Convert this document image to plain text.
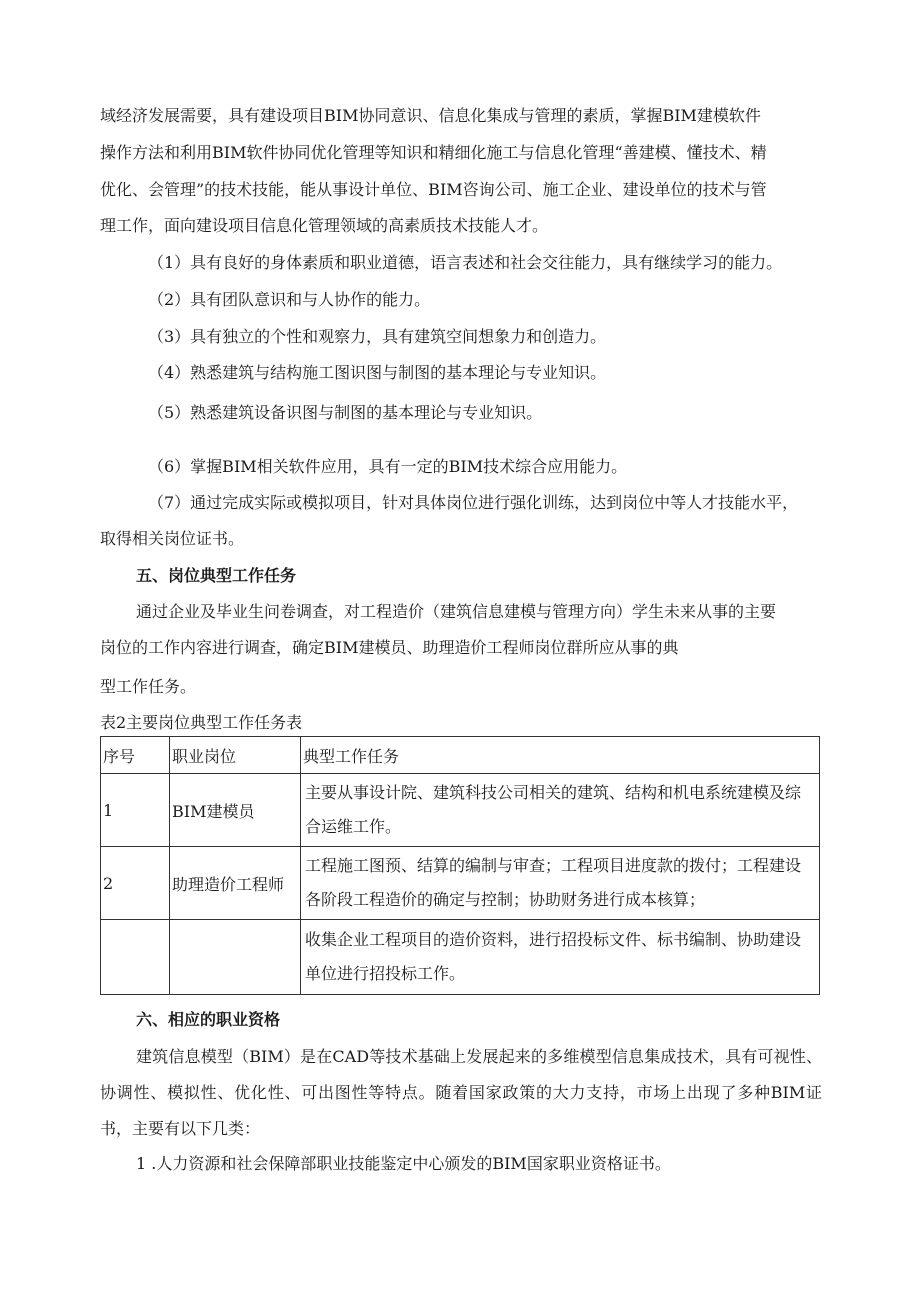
域经济发展需要，具有建设项目BIM协同意识、信息化集成与管理的素质，掌握BIM建模软件
操作方法和利用BIM软件协同优化管理等知识和精细化施工与信息化管理“善建模、懂技术、精
优化、会管理”的技术技能，能从事设计单位、BIM咨询公司、施工企业、建设单位的技术与管
理工作，面向建设项目信息化管理领域的高素质技术技能人才。
（1）具有良好的身体素质和职业道德，语言表述和社会交往能力，具有继续学习的能力。
（2）具有团队意识和与人协作的能力。
（3）具有独立的个性和观察力，具有建筑空间想象力和创造力。
（4）熟悉建筑与结构施工图识图与制图的基本理论与专业知识。
（5）熟悉建筑设备识图与制图的基本理论与专业知识。
（6）掌握BIM相关软件应用，具有一定的BIM技术综合应用能力。
（7）通过完成实际或模拟项目，针对具体岗位进行强化训练，达到岗位中等人才技能水平，
取得相关岗位证书。
五、岗位典型工作任务
通过企业及毕业生问卷调查，对工程造价（建筑信息建模与管理方向）学生未来从事的主要
岗位的工作内容进行调查，确定BIM建模员、助理造价工程师岗位群所应从事的典
型工作任务。
表2主要岗位典型工作任务表
序号	职业岗位	典型工作任务
1	BIM建模员	主要从事设计院、建筑科技公司相关的建筑、结构和机电系统建模及综合运维工作。
2	助理造价工程师	工程施工图预、结算的编制与审查；工程项目进度款的拨付；工程建设各阶段工程造价的确定与控制；协助财务进行成本核算；
		收集企业工程项目的造价资料，进行招投标文件、标书编制、协助建设单位进行招投标工作。
六、相应的职业资格
建筑信息模型（BIM）是在CAD等技术基础上发展起来的多维模型信息集成技术，具有可视性、协调性、模拟性、优化性、可出图性等特点。随着国家政策的大力支持，市场上出现了多种BIM证书，主要有以下几类：
1 .人力资源和社会保障部职业技能鉴定中心颁发的BIM国家职业资格证书。
